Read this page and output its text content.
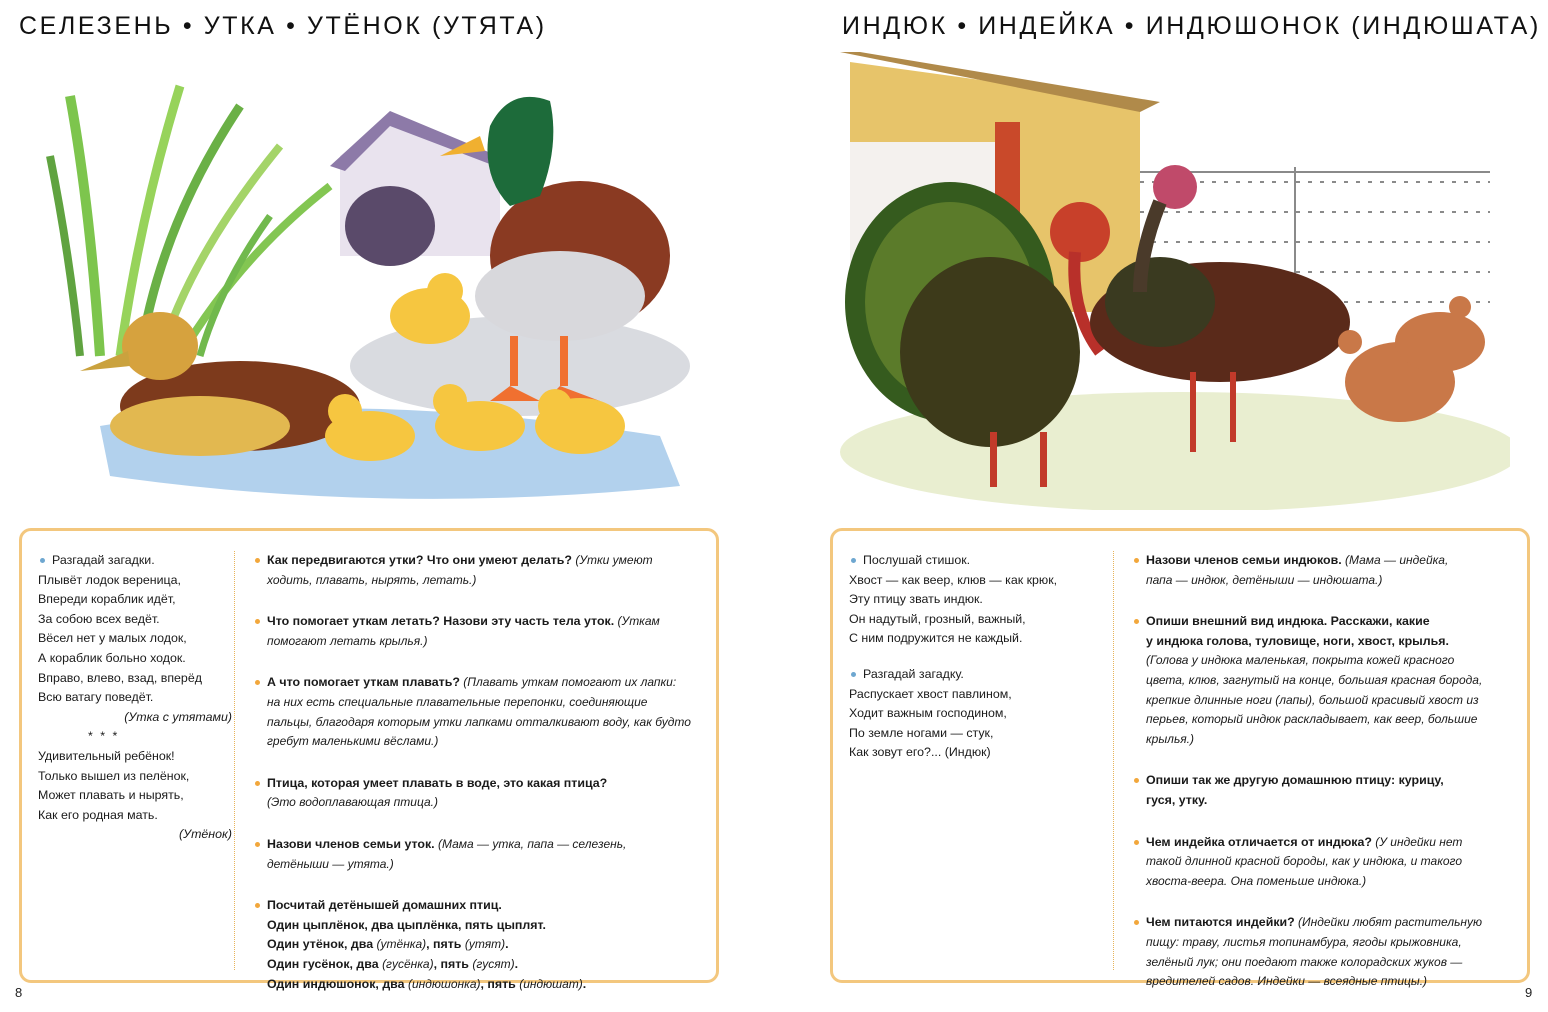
СЕЛЕЗЕНЬ • УТКА • УТЁНОК (УТЯТА)
Разгадай загадки.
Плывёт лодок вереница,
Впереди кораблик идёт,
За собою всех ведёт.
Вёсел нет у малых лодок,
А кораблик больно ходок.
Вправо, влево, взад, вперёд
Всю ватагу поведёт.
(Утка с утятами)
* * *
Удивительный ребёнок!
Только вышел из пелёнок,
Может плавать и нырять,
Как его родная мать.
(Утёнок)
Как передвигаются утки? Что они умеют делать? (Утки умеют
ходить, плавать, нырять, летать.)
Что помогает уткам летать? Назови эту часть тела уток. (Уткам
помогают летать крылья.)
А что помогает уткам плавать? (Плавать уткам помогают их лапки:
на них есть специальные плавательные перепонки, соединяющие
пальцы, благодаря которым утки лапками отталкивают воду, как будто
гребут маленькими вёслами.)
Птица, которая умеет плавать в воде, это какая птица?
(Это водоплавающая птица.)
Назови членов семьи уток. (Мама — утка, папа — селезень,
детёныши — утята.)
Посчитай детёнышей домашних птиц.
Один цыплёнок, два цыплёнка, пять цыплят.
Один утёнок, два (утёнка), пять (утят).
Один гусёнок, два (гусёнка), пять (гусят).
Один индюшонок, два (индюшонка), пять (индюшат).
8
ИНДЮК • ИНДЕЙКА • ИНДЮШОНОК (ИНДЮШАТА)
Послушай стишок.
Хвост — как веер, клюв — как крюк,
Эту птицу звать индюк.
Он надутый, грозный, важный,
С ним подружится не каждый.
Разгадай загадку.
Распускает хвост павлином,
Ходит важным господином,
По земле ногами — стук,
Как зовут его?... (Индюк)
Назови членов семьи индюков. (Мама — индейка,
папа — индюк, детёныши — индюшата.)
Опиши внешний вид индюка. Расскажи, какие
у индюка голова, туловище, ноги, хвост, крылья.
(Голова у индюка маленькая, покрыта кожей красного
цвета, клюв, загнутый на конце, большая красная борода,
крепкие длинные ноги (лапы), большой красивый хвост из
перьев, который индюк раскладывает, как веер, большие
крылья.)
Опиши так же другую домашнюю птицу: курицу,
гуся, утку.
Чем индейка отличается от индюка? (У индейки нет
такой длинной красной бороды, как у индюка, и такого
хвоста-веера. Она поменьше индюка.)
Чем питаются индейки? (Индейки любят растительную
пищу: траву, листья топинамбура, ягоды крыжовника,
зелёный лук; они поедают также колорадских жуков —
вредителей садов. Индейки — всеядные птицы.)
9
